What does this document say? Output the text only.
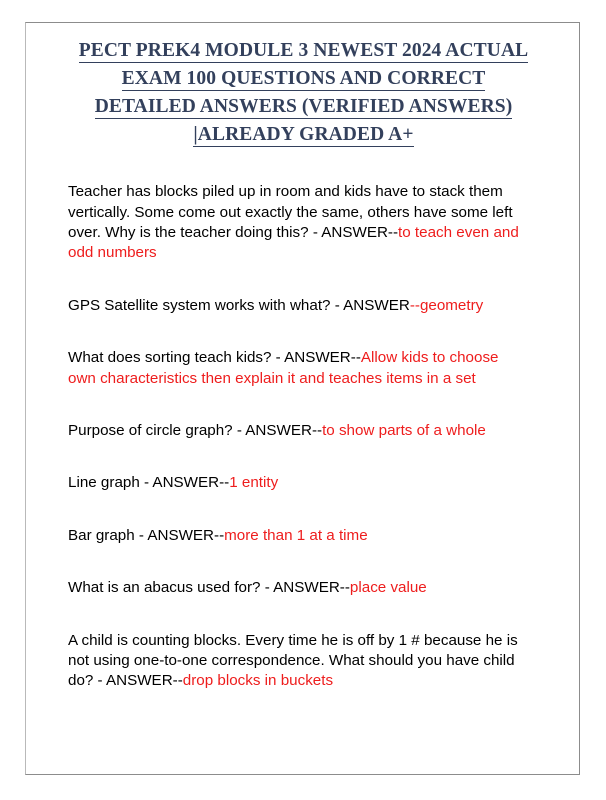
PECT PREK4 MODULE 3 NEWEST 2024 ACTUAL
EXAM 100 QUESTIONS AND CORRECT
DETAILED ANSWERS (VERIFIED ANSWERS)
|ALREADY GRADED A+

Teacher has blocks piled up in room and kids have to stack them vertically. Some come out exactly the same, others have some left over. Why is the teacher doing this? - ANSWER--to teach even and odd numbers

GPS Satellite system works with what? - ANSWER--geometry

What does sorting teach kids? - ANSWER--Allow kids to choose own characteristics then explain it and teaches items in a set

Purpose of circle graph? - ANSWER--to show parts of a whole

Line graph - ANSWER--1 entity

Bar graph - ANSWER--more than 1 at a time

What is an abacus used for? - ANSWER--place value

A child is counting blocks. Every time he is off by 1 # because he is not using one-to-one correspondence. What should you have child do? - ANSWER--drop blocks in buckets
